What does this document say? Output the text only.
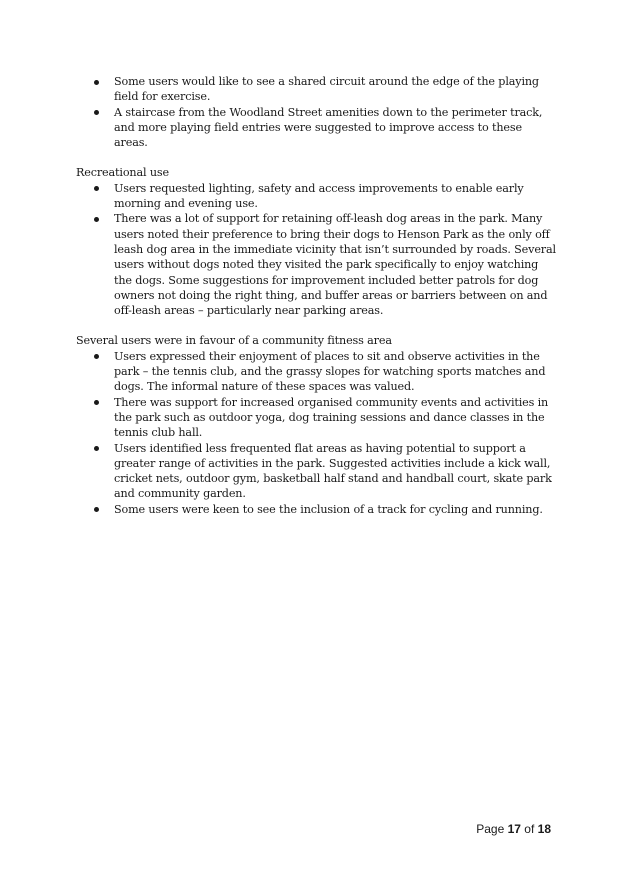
Some users would like to see a shared circuit around the edge of the playing field for exercise.
A staircase from the Woodland Street amenities down to the perimeter track, and more playing field entries were suggested to improve access to these areas.

Recreational use

Users requested lighting, safety and access improvements to enable early morning and evening use.
There was a lot of support for retaining off-leash dog areas in the park. Many users noted their preference to bring their dogs to Henson Park as the only off leash dog area in the immediate vicinity that isn’t surrounded by roads. Several users without dogs noted they visited the park specifically to enjoy watching the dogs. Some suggestions for improvement included better patrols for dog owners not doing the right thing, and buffer areas or barriers between on and off-leash areas – particularly near parking areas.

Several users were in favour of a community fitness area

Users expressed their enjoyment of places to sit and observe activities in the park – the tennis club, and the grassy slopes for watching sports matches and dogs. The informal nature of these spaces was valued.
There was support for increased organised community events and activities in the park such as outdoor yoga, dog training sessions and dance classes in the tennis club hall.
Users identified less frequented flat areas as having potential to support a greater range of activities in the park. Suggested activities include a kick wall, cricket nets, outdoor gym, basketball half stand and handball court, skate park and community garden.
Some users were keen to see the inclusion of a track for cycling and running.
Page 17 of 18
